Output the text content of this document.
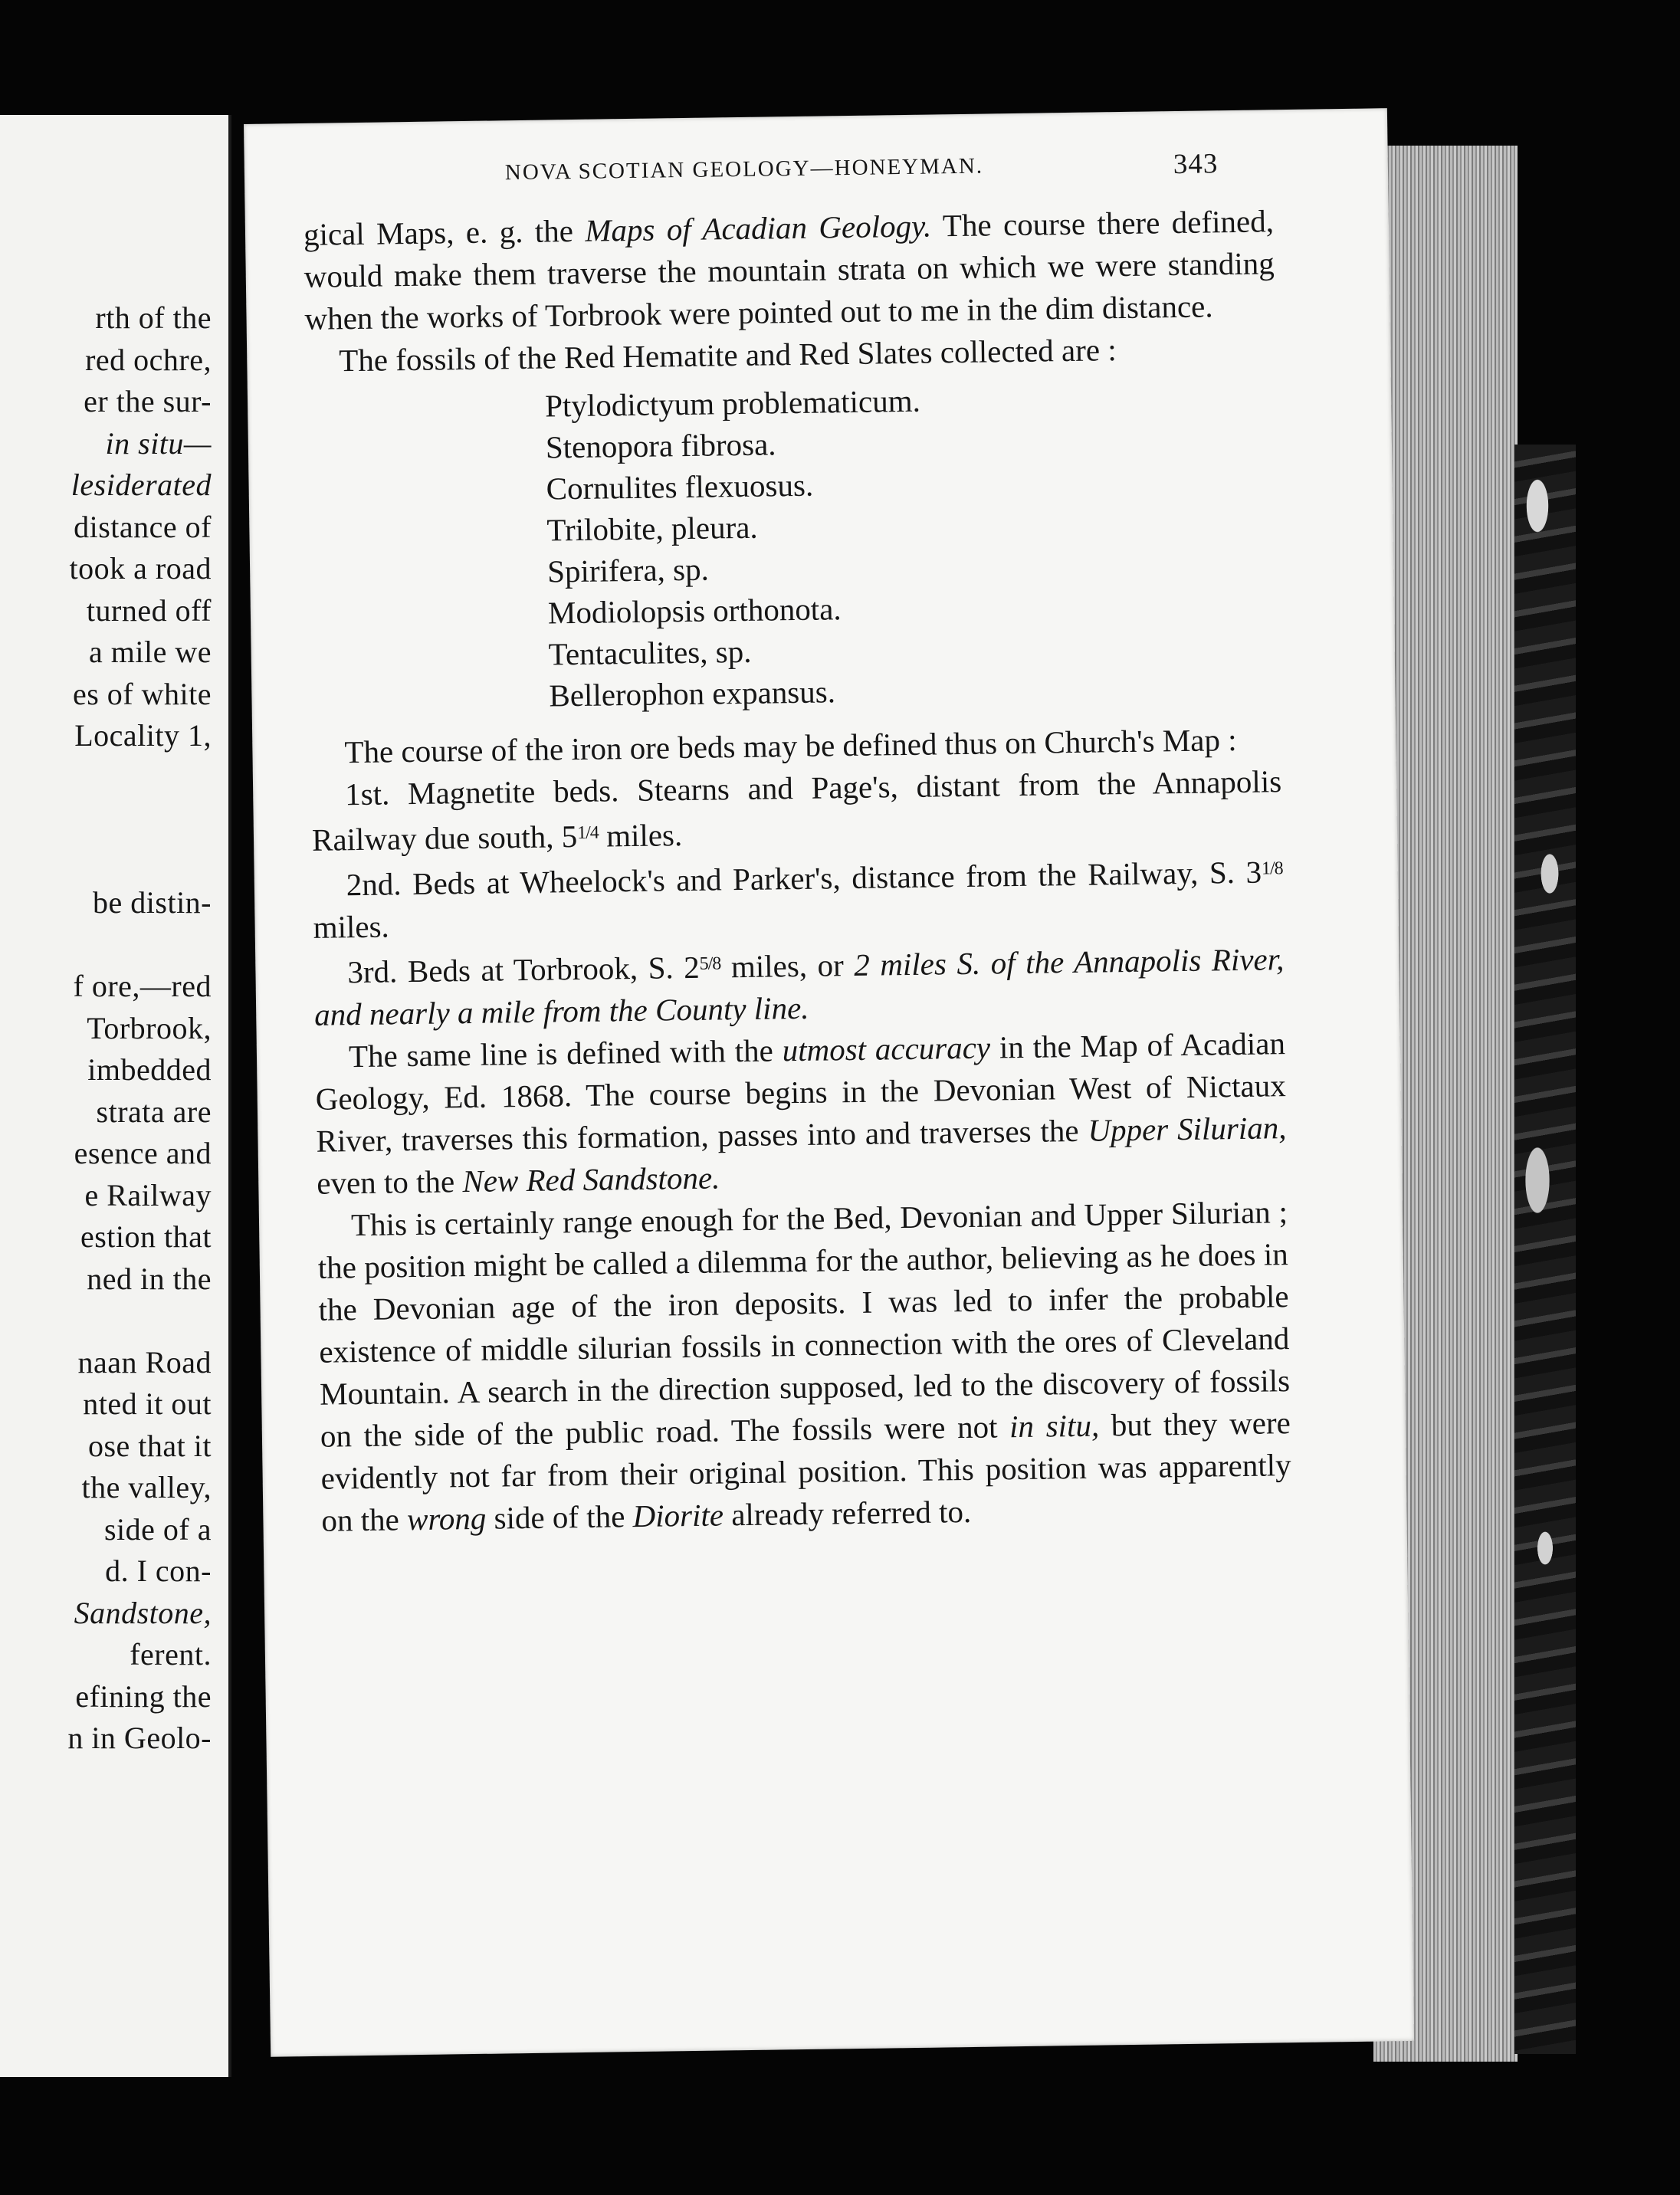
rth of the
red ochre,
er the sur-
in situ—
lesiderated
distance of
took a road
turned off
a mile we
es of white
Locality 1,
be distin-
f ore,—red
Torbrook,
imbedded
strata are
esence and
e Railway
estion that
ned in the
naan Road
nted it out
ose that it
the valley,
side of a
d. I con-
Sandstone,
ferent.
efining the
n in Geolo-
NOVA SCOTIAN GEOLOGY—HONEYMAN.	343

gical Maps, e. g. the Maps of Acadian Geology. The course there defined, would make them traverse the mountain strata on which we were standing when the works of Torbrook were pointed out to me in the dim distance.

The fossils of the Red Hematite and Red Slates collected are :

Ptylodictyum problematicum.
Stenopora fibrosa.
Cornulites flexuosus.
Trilobite, pleura.
Spirifera, sp.
Modiolopsis orthonota.
Tentaculites, sp.
Bellerophon expansus.

The course of the iron ore beds may be defined thus on Church's Map :

1st. Magnetite beds. Stearns and Page's, distant from the Annapolis Railway due south, $5^{1/4}$ miles.

2nd. Beds at Wheelock's and Parker's, distance from the Railway, S. $3^{1/8}$ miles.

3rd. Beds at Torbrook, S. $2^{5/8}$ miles, or 2 miles S. of the Annapolis River, and nearly a mile from the County line.

The same line is defined with the utmost accuracy in the Map of Acadian Geology, Ed. 1868. The course begins in the Devonian West of Nictaux River, traverses this formation, passes into and traverses the Upper Silurian, even to the New Red Sandstone.

This is certainly range enough for the Bed, Devonian and Upper Silurian ; the position might be called a dilemma for the author, believing as he does in the Devonian age of the iron deposits. I was led to infer the probable existence of middle silurian fossils in connection with the ores of Cleveland Mountain. A search in the direction supposed, led to the discovery of fossils on the side of the public road. The fossils were not in situ, but they were evidently not far from their original position. This position was apparently on the wrong side of the Diorite already referred to.
